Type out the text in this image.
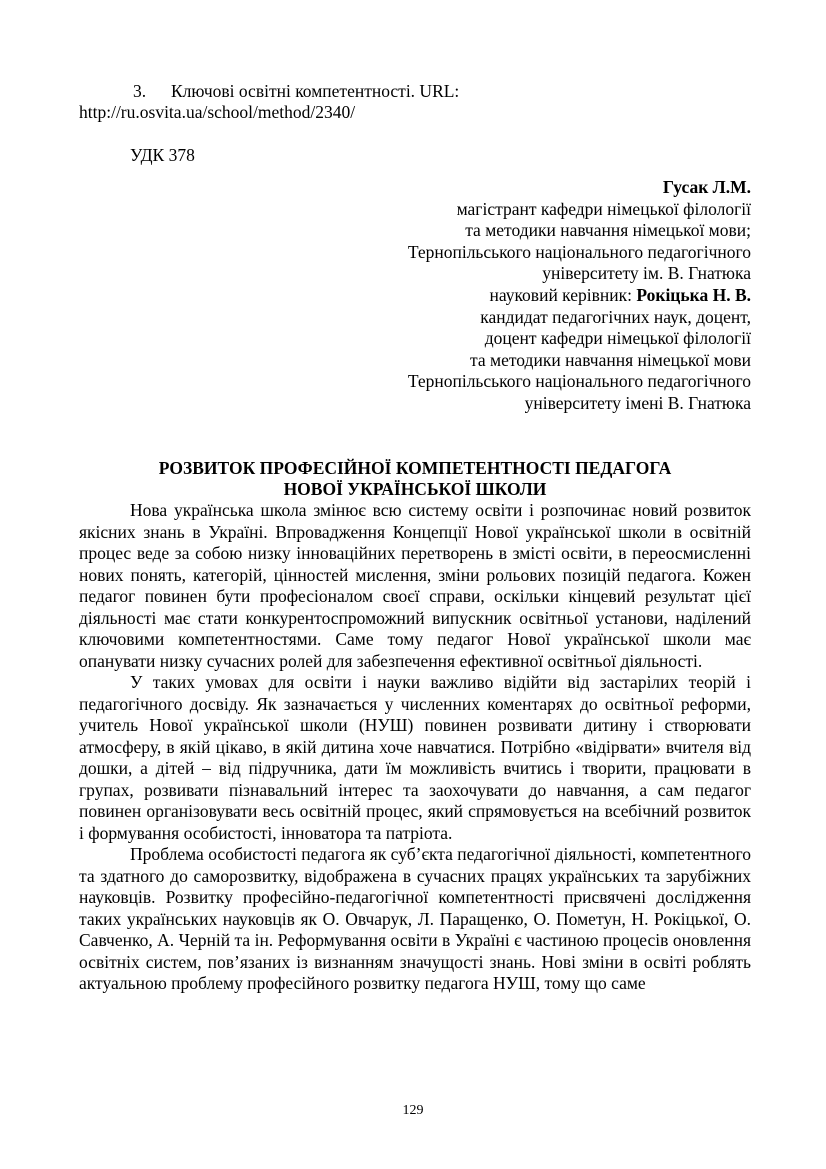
3. Ключові освітні компетентності. URL:
http://ru.osvita.ua/school/method/2340/
УДК 378
Гусак Л.М.
магістрант кафедри німецької філології
та методики навчання німецької мови;
Тернопільського національного педагогічного
університету ім. В. Гнатюка
науковий керівник: Рокіцька Н. В.
кандидат педагогічних наук, доцент,
доцент кафедри німецької філології
та методики навчання німецької мови
Тернопільського національного педагогічного
університету імені В. Гнатюка
РОЗВИТОК ПРОФЕСІЙНОЇ КОМПЕТЕНТНОСТІ ПЕДАГОГА
НОВОЇ УКРАЇНСЬКОЇ ШКОЛИ

Нова українська школа змінює всю систему освіти і розпочинає новий розвиток якісних знань в Україні. Впровадження Концепції Нової української школи в освітній процес веде за собою низку інноваційних перетворень в змісті освіти, в переосмисленні нових понять, категорій, цінностей мислення, зміни рольових позицій педагога. Кожен педагог повинен бути професіоналом своєї справи, оскільки кінцевий результат цієї діяльності має стати конкурентоспроможний випускник освітньої установи, наділений ключовими компетентностями. Саме тому педагог Нової української школи має опанувати низку сучасних ролей для забезпечення ефективної освітньої діяльності.

У таких умовах для освіти і науки важливо відійти від застарілих теорій і педагогічного досвіду. Як зазначається у численних коментарях до освітньої реформи, учитель Нової української школи (НУШ) повинен розвивати дитину і створювати атмосферу, в якій цікаво, в якій дитина хоче навчатися. Потрібно «відірвати» вчителя від дошки, а дітей – від підручника, дати їм можливість вчитись і творити, працювати в групах, розвивати пізнавальний інтерес та заохочувати до навчання, а сам педагог повинен організовувати весь освітній процес, який спрямовується на всебічний розвиток і формування особистості, інноватора та патріота.

Проблема особистості педагога як суб’єкта педагогічної діяльності, компетентного та здатного до саморозвитку, відображена в сучасних працях українських та зарубіжних науковців. Розвитку професійно-педагогічної компетентності присвячені дослідження таких українських науковців як О. Овчарук, Л. Паращенко, О. Пометун, Н. Рокіцької, О. Савченко, А. Черній та ін. Реформування освіти в Україні є частиною процесів оновлення освітніх систем, пов’язаних із визнанням значущості знань. Нові зміни в освіті роблять актуальною проблему професійного розвитку педагога НУШ, тому що саме

129
